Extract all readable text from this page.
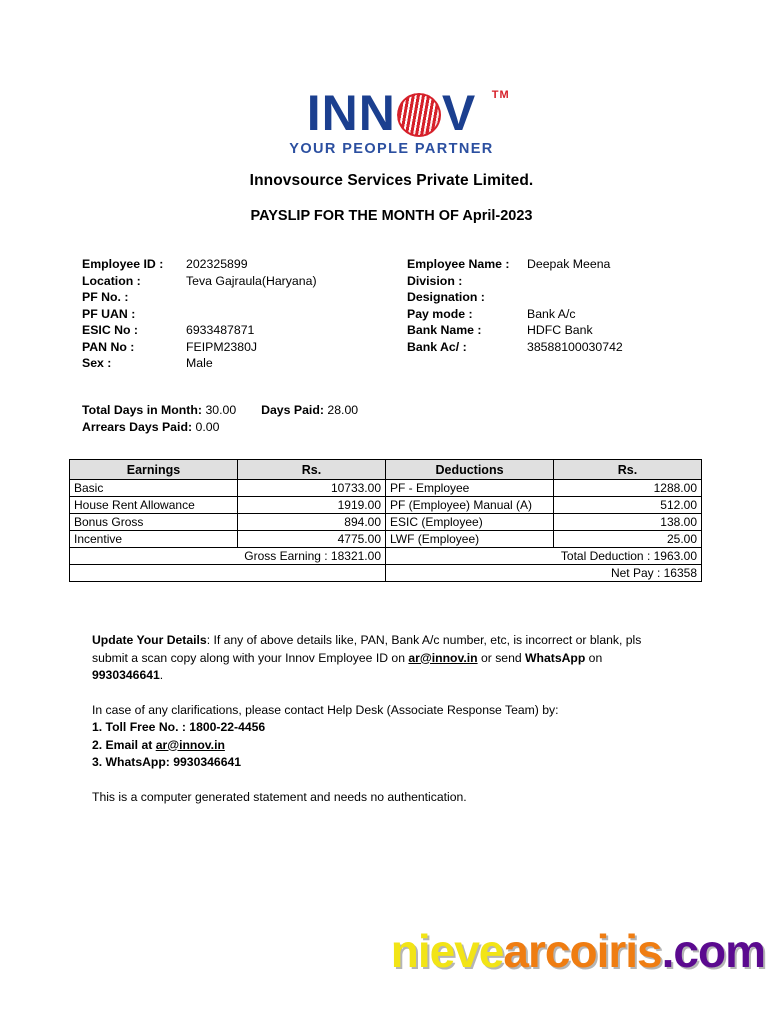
INN V TM
YOUR PEOPLE PARTNER
Innovsource Services Private Limited.
PAYSLIP FOR THE MONTH OF April-2023
Employee ID :	202325899
Location :	Teva Gajraula(Haryana)
PF No. :
PF UAN :
ESIC No :	6933487871
PAN No :	FEIPM2380J
Sex :	Male
Employee Name :	Deepak Meena
Division :
Designation :
Pay mode :	Bank A/c
Bank Name :	HDFC Bank
Bank Ac/ :	38588100030742
Total Days in Month: 30.00 Days Paid: 28.00
Arrears Days Paid: 0.00
Earnings	Rs.	Deductions	Rs.
Basic	10733.00	PF - Employee	1288.00
House Rent Allowance	1919.00	PF (Employee) Manual (A)	512.00
Bonus Gross	894.00	ESIC (Employee)	138.00
Incentive	4775.00	LWF (Employee)	25.00
Gross Earning : 18321.00		Total Deduction : 1963.00	
		Net Pay : 16358	

Update Your Details: If any of above details like, PAN, Bank A/c number, etc, is incorrect or blank, pls submit a scan copy along with your Innov Employee ID on ar@innov.in or send WhatsApp on 9930346641.

In case of any clarifications, please contact Help Desk (Associate Response Team) by:

1. Toll Free No. : 1800-22-4456

2. Email at ar@innov.in

3. WhatsApp: 9930346641

This is a computer generated statement and needs no authentication.

nievearcoiris.com
